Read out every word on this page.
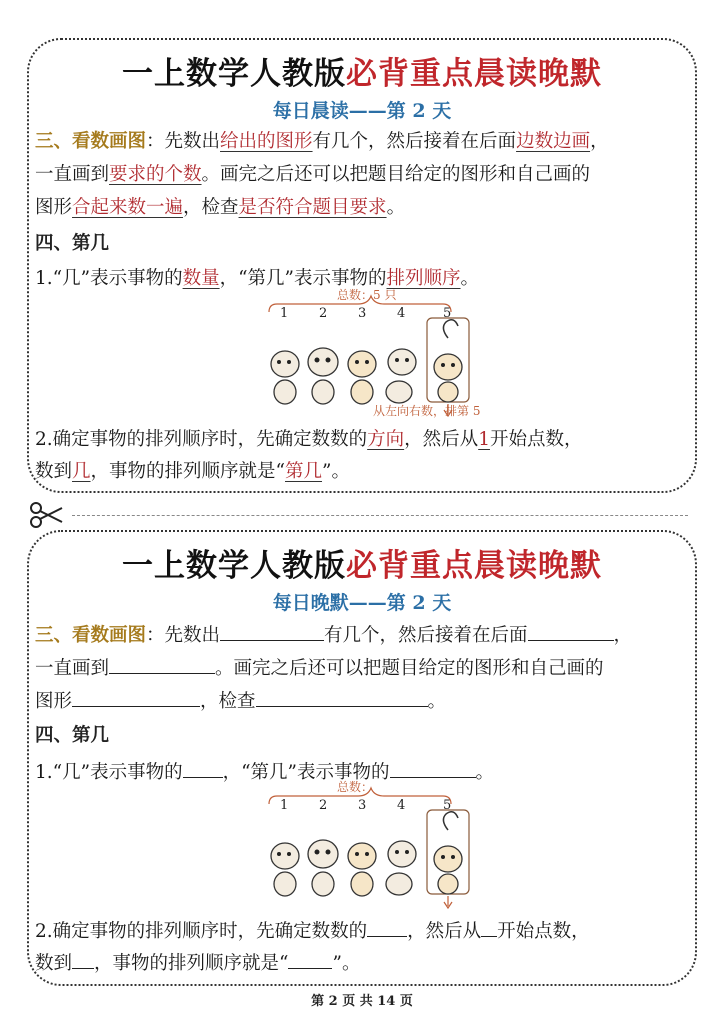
一上数学人教版必背重点晨读晚默
每日晨读——第 2 天
三、看数画图：先数出给出的图形有几个，然后接着在后面边数边画，
一直画到要求的个数。画完之后还可以把题目给定的图形和自己画的
图形合起来数一遍，检查是否符合题目要求。
四、第几
1.“几”表示事物的数量，“第几”表示事物的排列顺序。
总数：5 只
1 2 3 4	5
从左向右数，排第 5
2.确定事物的排列顺序时，先确定数数的方向，然后从1开始点数，
数到几，事物的排列顺序就是“第几”。
一上数学人教版必背重点晨读晚默
每日晚默——第 2 天
三、看数画图：先数出	有几个，然后接着在后面	，
一直画到	。画完之后还可以把题目给定的图形和自己画的
图形	，检查	。
四、第几
1.“几”表示事物的 ，“第几”表示事物的	。
总数：
1 2 3 4	5
2.确定事物的排列顺序时，先确定数数的 ，然后从 开始点数，
数到 ，事物的排列顺序就是“ ”。
第 2 页 共 14 页
